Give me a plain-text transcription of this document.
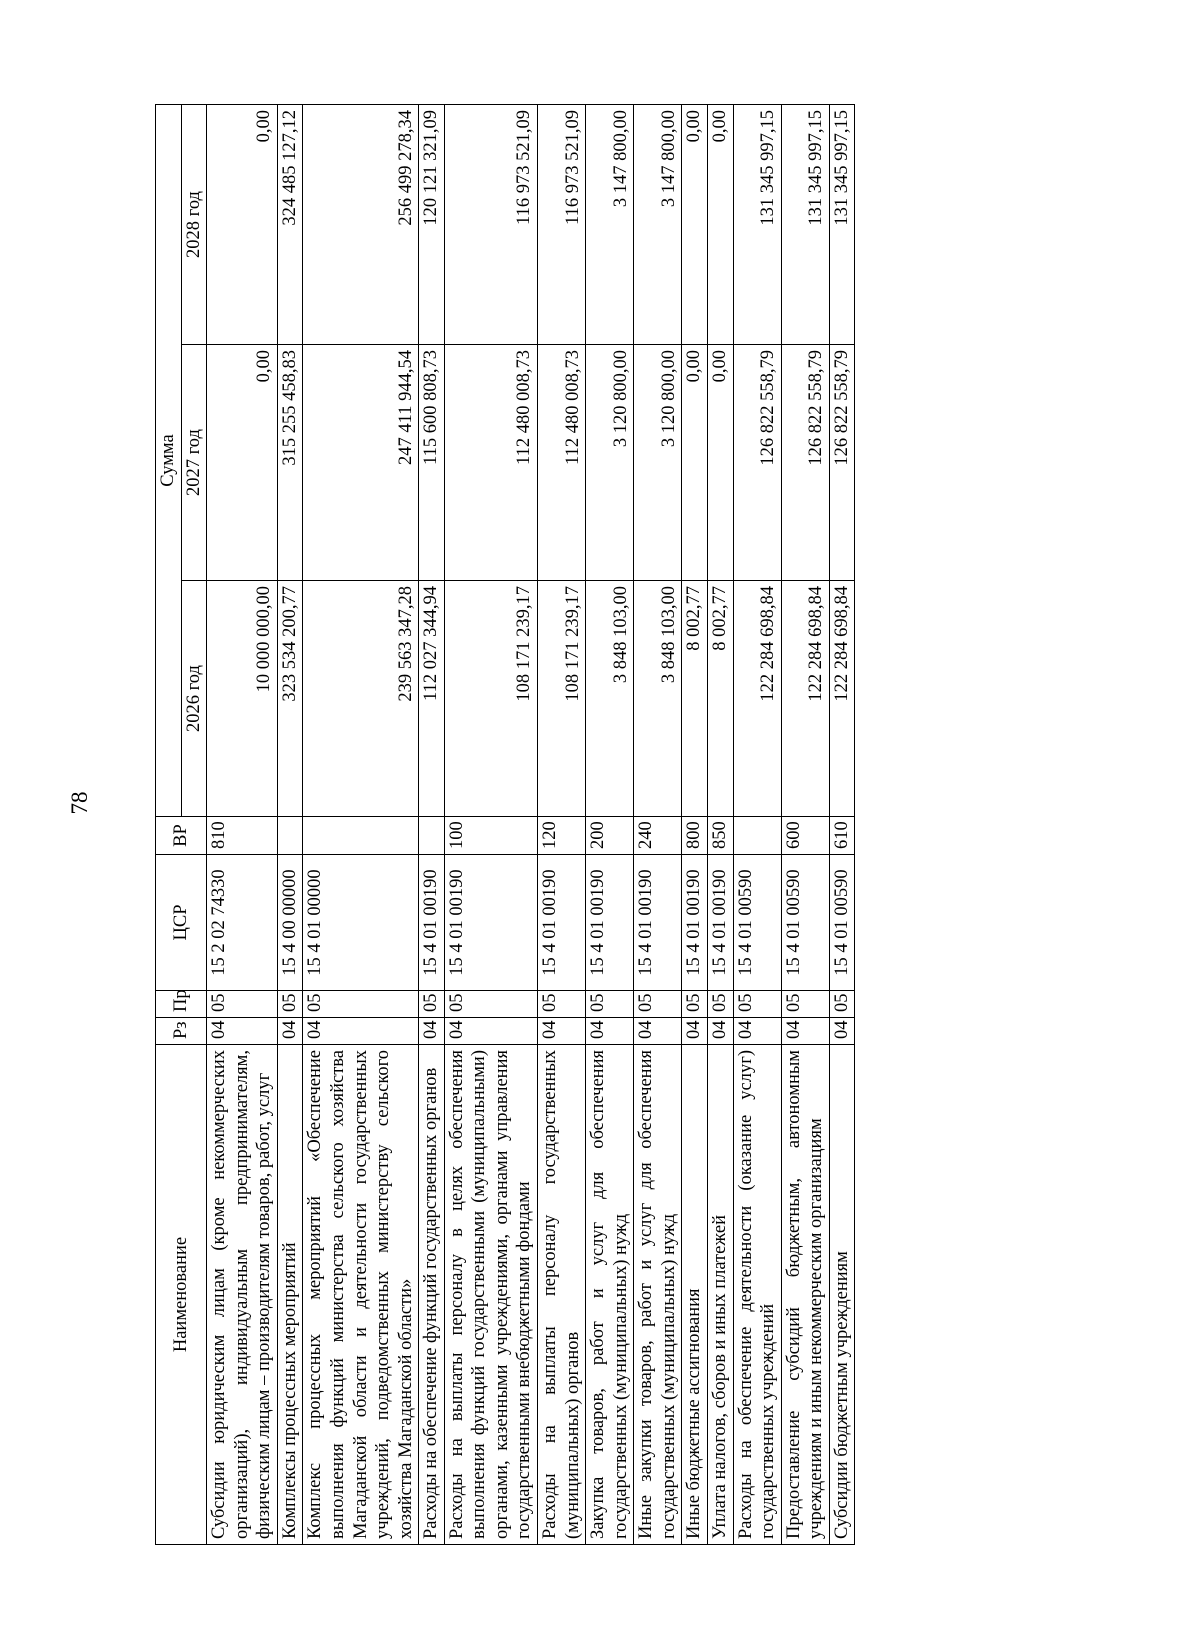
78
Наименование	Рз	Пр	ЦСР	ВР	Сумма		
					2026 год	2027 год	2028 год
Субсидии юридическим лицам (кроме некоммерческих организаций), индивидуальным предпринимателям, физическим лицам – производителям товаров, работ, услуг	04	05	15 2 02 74330	810	10 000 000,00	0,00	0,00
Комплексы процессных мероприятий	04	05	15 4 00 00000		323 534 200,77	315 255 458,83	324 485 127,12
Комплекс процессных мероприятий «Обеспечение выполнения функций министерства сельского хозяйства Магаданской области и деятельности государственных учреждений, подведомственных министерству сельского хозяйства Магаданской области»	04	05	15 4 01 00000		239 563 347,28	247 411 944,54	256 499 278,34
Расходы на обеспечение функций государственных органов	04	05	15 4 01 00190		112 027 344,94	115 600 808,73	120 121 321,09
Расходы на выплаты персоналу в целях обеспечения выполнения функций государственными (муниципальными) органами, казенными учреждениями, органами управления государственными внебюджетными фондами	04	05	15 4 01 00190	100	108 171 239,17	112 480 008,73	116 973 521,09
Расходы на выплаты персоналу государственных (муниципальных) органов	04	05	15 4 01 00190	120	108 171 239,17	112 480 008,73	116 973 521,09
Закупка товаров, работ и услуг для обеспечения государственных (муниципальных) нужд	04	05	15 4 01 00190	200	3 848 103,00	3 120 800,00	3 147 800,00
Иные закупки товаров, работ и услуг для обеспечения государственных (муниципальных) нужд	04	05	15 4 01 00190	240	3 848 103,00	3 120 800,00	3 147 800,00
Иные бюджетные ассигнования	04	05	15 4 01 00190	800	8 002,77	0,00	0,00
Уплата налогов, сборов и иных платежей	04	05	15 4 01 00190	850	8 002,77	0,00	0,00
Расходы на обеспечение деятельности (оказание услуг) государственных учреждений	04	05	15 4 01 00590		122 284 698,84	126 822 558,79	131 345 997,15
Предоставление субсидий бюджетным, автономным учреждениям и иным некоммерческим организациям	04	05	15 4 01 00590	600	122 284 698,84	126 822 558,79	131 345 997,15
Субсидии бюджетным учреждениям	04	05	15 4 01 00590	610	122 284 698,84	126 822 558,79	131 345 997,15
